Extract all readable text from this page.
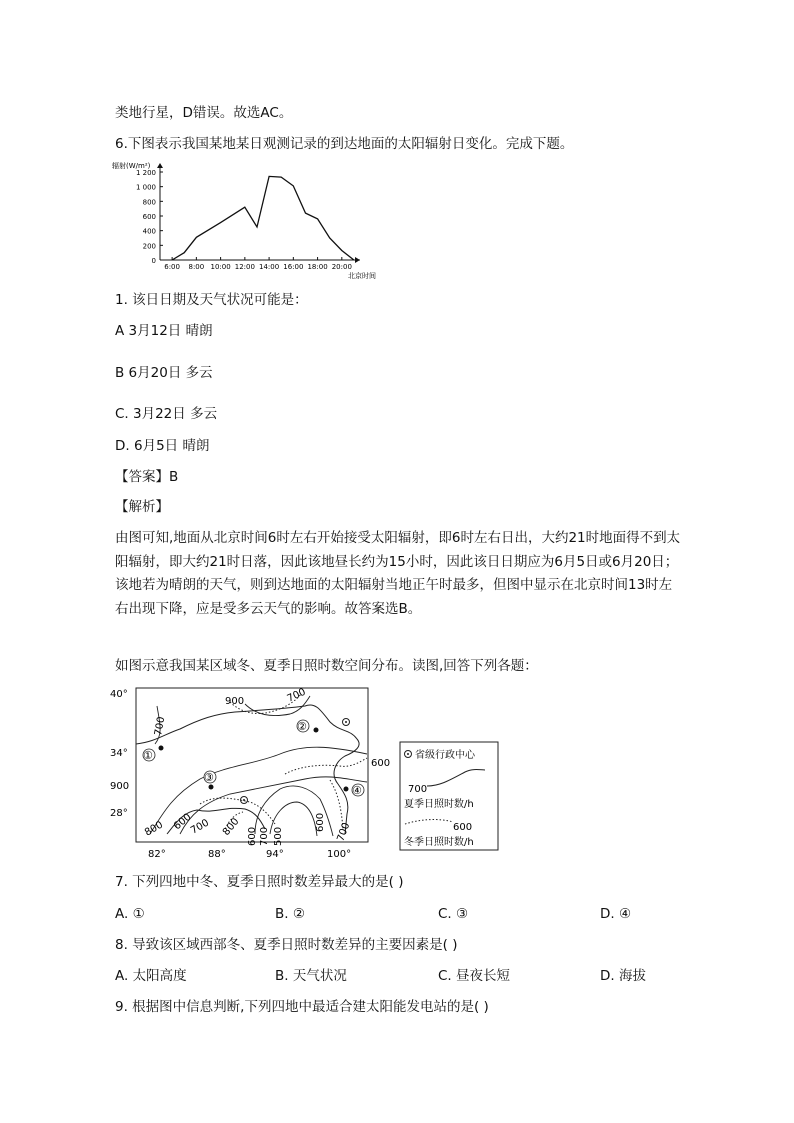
类地行星，D错误。故选AC。
6.下图表示我国某地某日观测记录的到达地面的太阳辐射日变化。完成下题。
0
200
400
600
800
1 000
1 200
6:00 8:00 10:00 12:00 14:00 16:00 18:00 20:00
辐射(W/m²)
北京时间
1. 该日日期及天气状况可能是：
A 3月12日 晴朗
B 6月20日 多云
C. 3月22日 多云
D. 6月5日 晴朗
【答案】B
【解析】
由图可知,地面从北京时间6时左右开始接受太阳辐射，即6时左右日出，大约21时地面得不到太阳辐射，即大约21时日落，因此该地昼长约为15小时，因此该日日期应为6月5日或6月20日；该地若为晴朗的天气，则到达地面的太阳辐射当地正午时最多，但图中显示在北京时间13时左右出现下降，应是受多云天气的影响。故答案选B。
如图示意我国某区域冬、夏季日照时数空间分布。读图,回答下列各题：
40°
34°
28°
900
600
82°	88°	94°	100°
900	700
700
800 600
700 800 600 700 500
600 700
①
②
③
④
省级行政中心
700
夏季日照时数/h
600
冬季日照时数/h
7. 下列四地中冬、夏季日照时数差异最大的是( )
A. ①	B. ②	C. ③	D. ④
8. 导致该区域西部冬、夏季日照时数差异的主要因素是( )
A. 太阳高度	B. 天气状况	C. 昼夜长短	D. 海拔
9. 根据图中信息判断,下列四地中最适合建太阳能发电站的是( )
